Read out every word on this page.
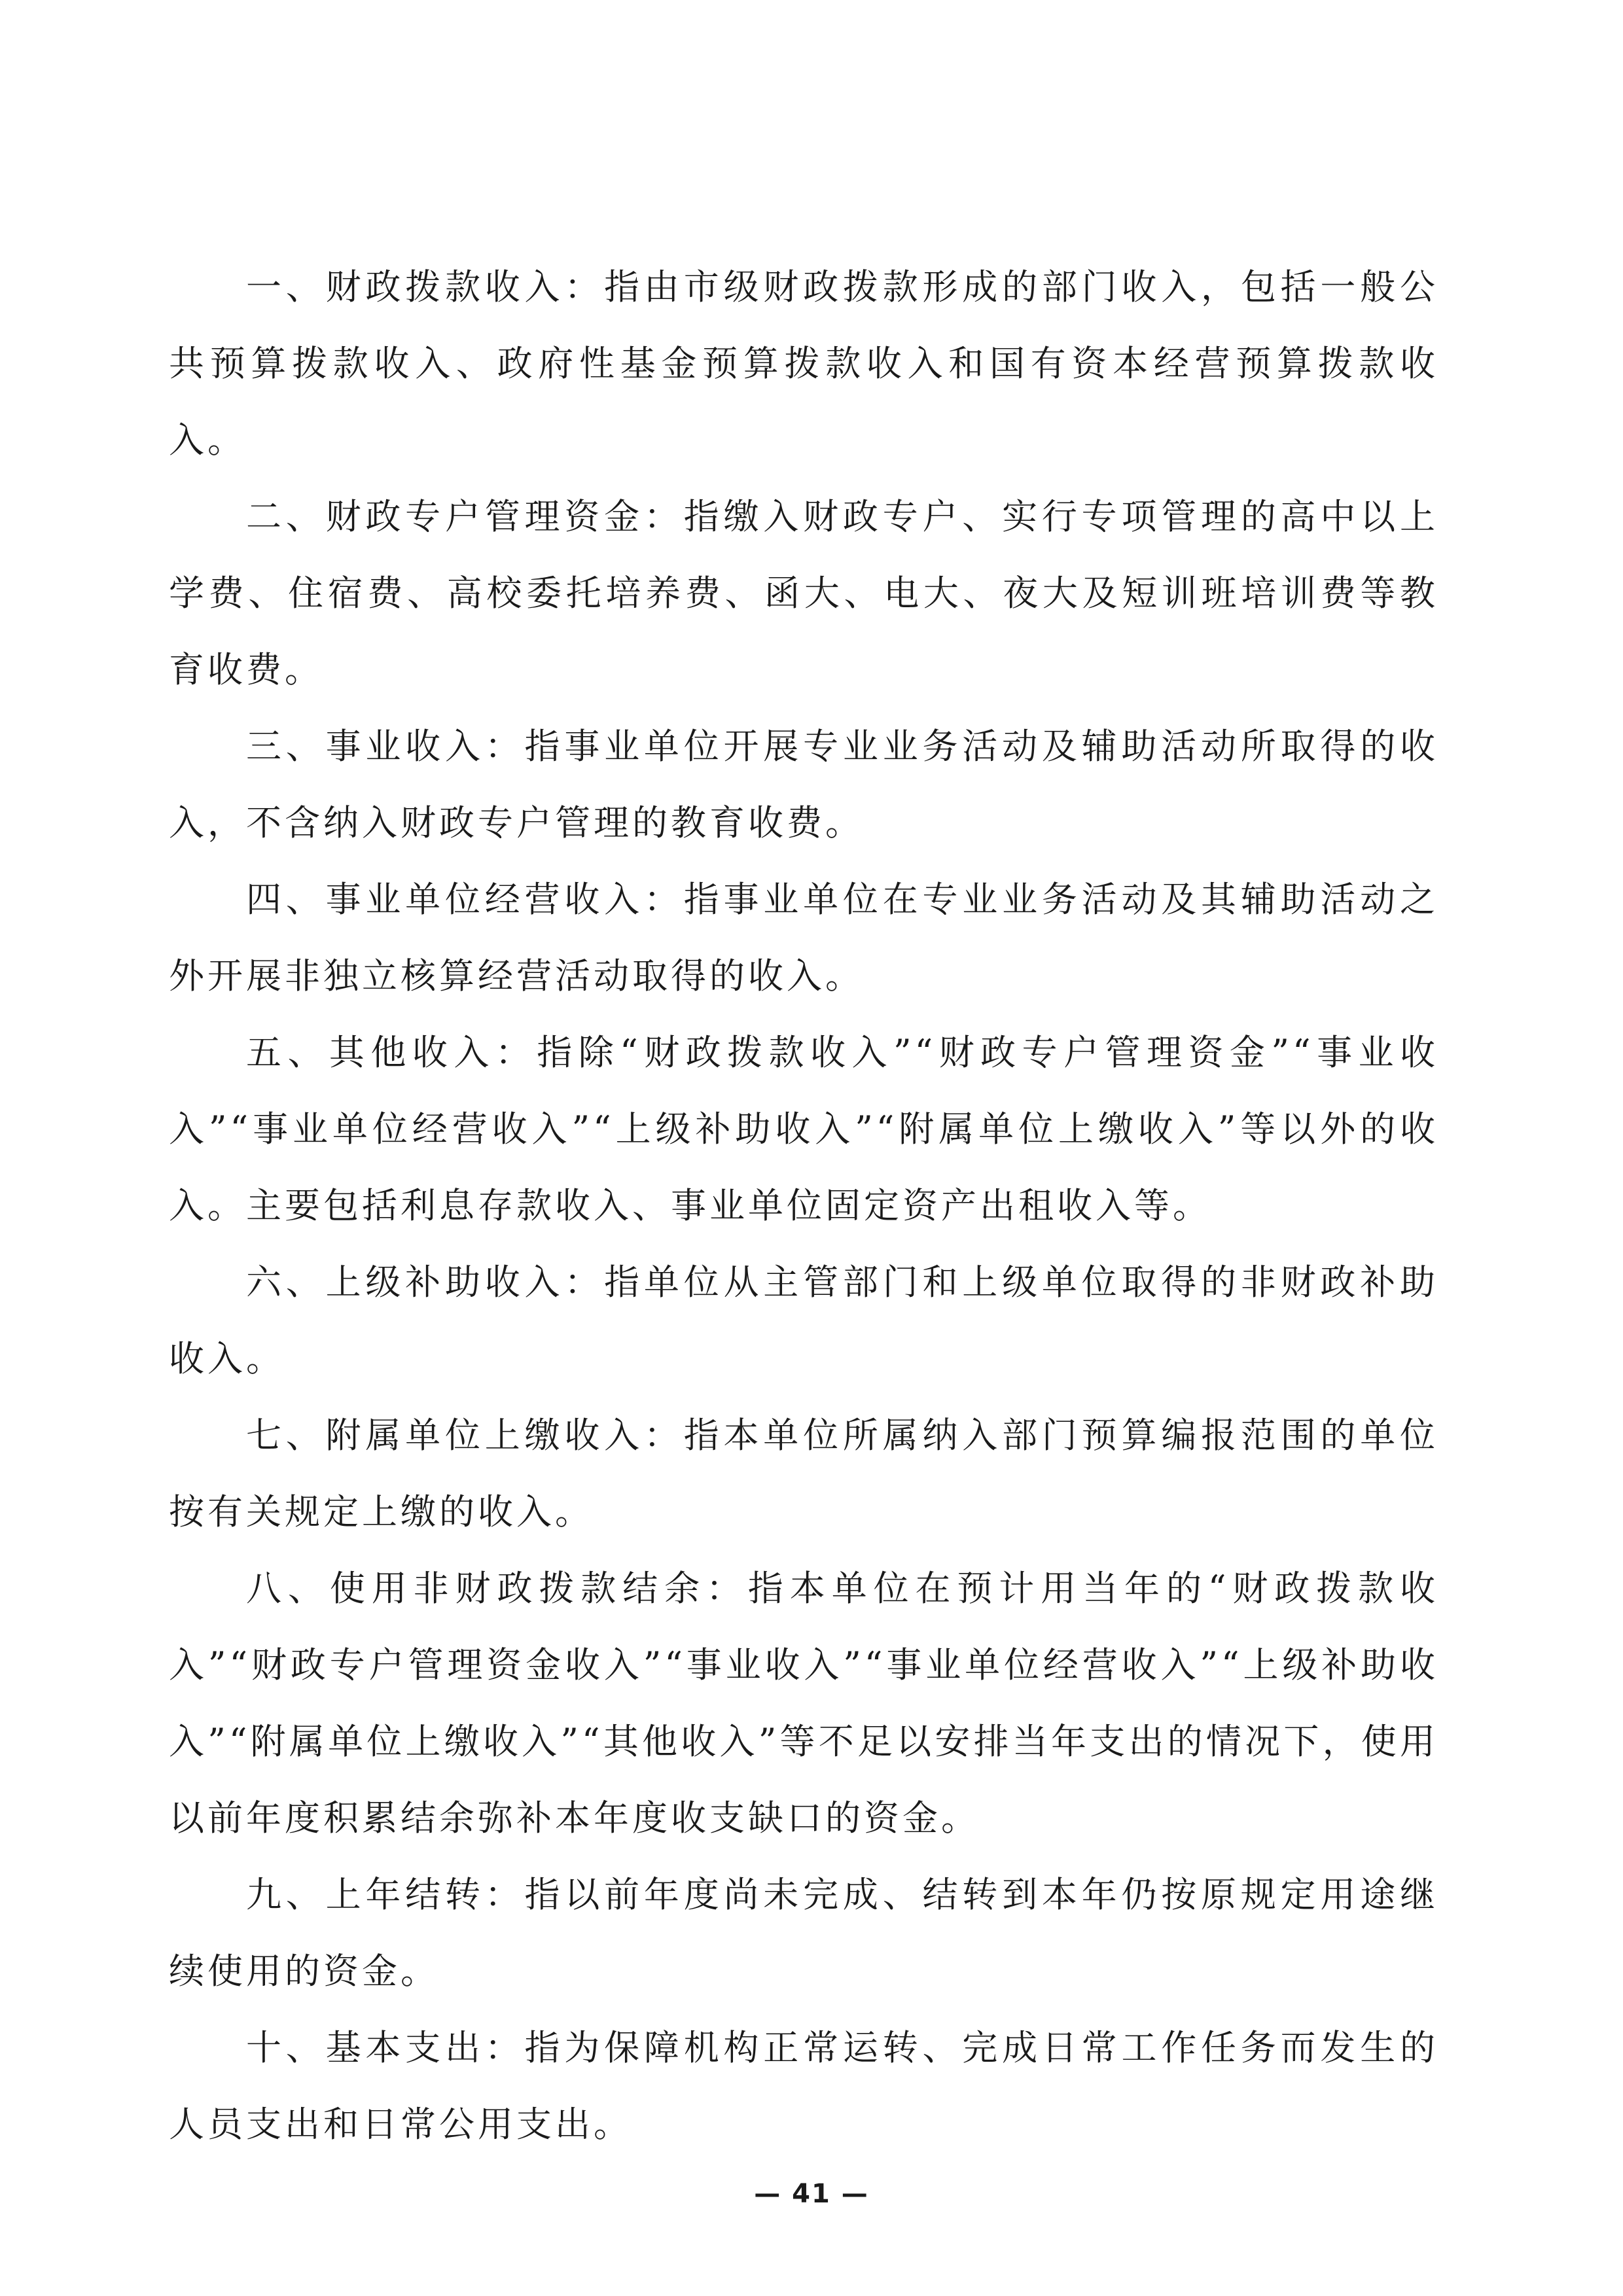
一、财政拨款收入：指由市级财政拨款形成的部门收入，包括一般公共预算拨款收入、政府性基金预算拨款收入和国有资本经营预算拨款收入。

二、财政专户管理资金：指缴入财政专户、实行专项管理的高中以上学费、住宿费、高校委托培养费、函大、电大、夜大及短训班培训费等教育收费。

三、事业收入：指事业单位开展专业业务活动及辅助活动所取得的收入，不含纳入财政专户管理的教育收费。

四、事业单位经营收入：指事业单位在专业业务活动及其辅助活动之外开展非独立核算经营活动取得的收入。

五、其他收入：指除“财政拨款收入”“财政专户管理资金”“事业收入”“事业单位经营收入”“上级补助收入”“附属单位上缴收入”等以外的收入。主要包括利息存款收入、事业单位固定资产出租收入等。

六、上级补助收入：指单位从主管部门和上级单位取得的非财政补助收入。

七、附属单位上缴收入：指本单位所属纳入部门预算编报范围的单位按有关规定上缴的收入。

八、使用非财政拨款结余：指本单位在预计用当年的“财政拨款收入”“财政专户管理资金收入”“事业收入”“事业单位经营收入”“上级补助收入”“附属单位上缴收入”“其他收入”等不足以安排当年支出的情况下，使用以前年度积累结余弥补本年度收支缺口的资金。

九、上年结转：指以前年度尚未完成、结转到本年仍按原规定用途继续使用的资金。

十、基本支出：指为保障机构正常运转、完成日常工作任务而发生的人员支出和日常公用支出。

— 41 —
